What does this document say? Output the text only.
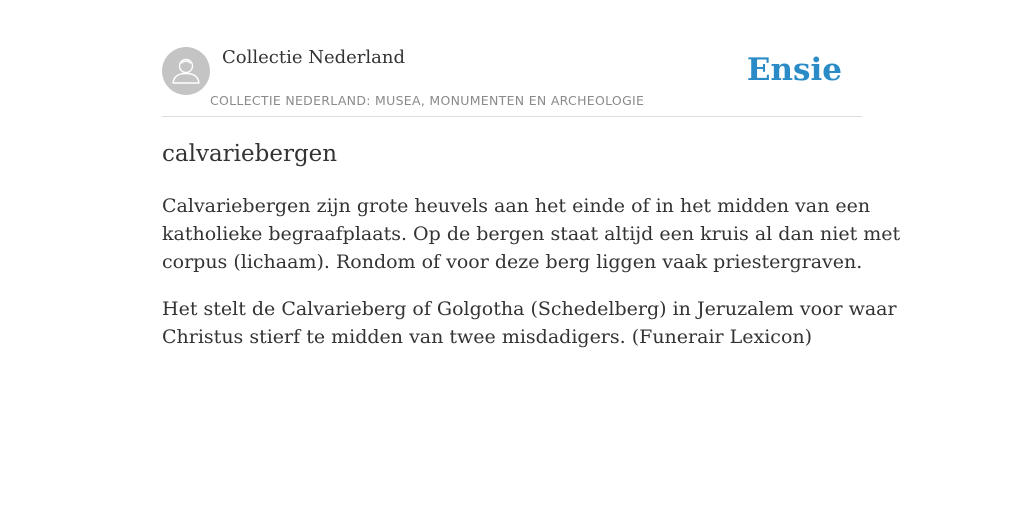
Collectie Nederland
COLLECTIE NEDERLAND: MUSEA, MONUMENTEN EN ARCHEOLOGIE
Ensie
calvariebergen

Calvariebergen zijn grote heuvels aan het einde of in het midden van een
katholieke begraafplaats. Op de bergen staat altijd een kruis al dan niet met
corpus (lichaam). Rondom of voor deze berg liggen vaak priestergraven.

Het stelt de Calvarieberg of Golgotha (Schedelberg) in Jeruzalem voor waar
Christus stierf te midden van twee misdadigers. (Funerair Lexicon)
